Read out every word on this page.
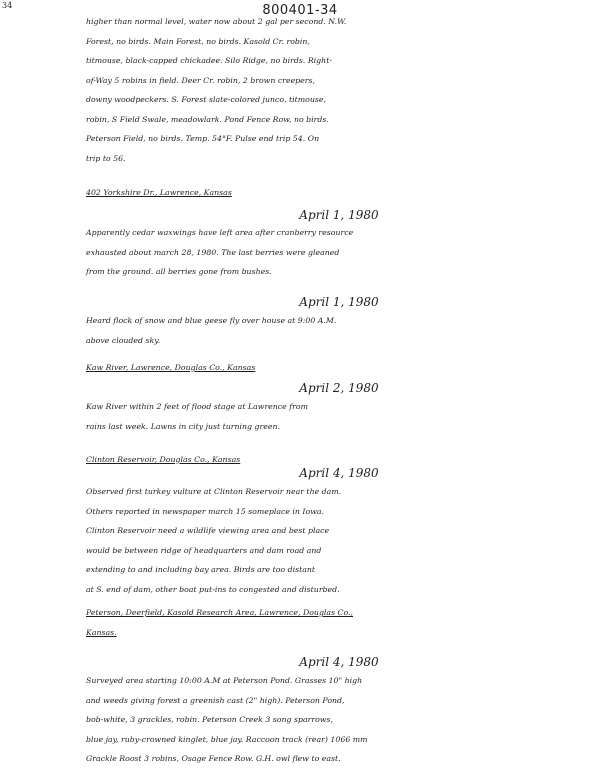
34	800401-34
higher than normal level, water now about 2 gal per second. N.W.
Forest, no birds. Main Forest, no birds. Kasold Cr. robin,
titmouse, black-capped chickadee. Silo Ridge, no birds. Right-
of-Way 5 robins in field. Deer Cr. robin, 2 brown creepers,
downy woodpeckers. S. Forest slate-colored junco, titmouse,
robin, S Field Swale, meadowlark. Pond Fence Row, no birds.
Peterson Field, no birds. Temp. 54°F. Pulse end trip 54. On
trip to 56.
402 Yorkshire Dr., Lawrence, Kansas
April 1, 1980
Apparently cedar waxwings have left area after cranberry resource
exhausted about march 28, 1980. The last berries were gleaned
from the ground. all berries gone from bushes.
April 1, 1980
Heard flock of snow and blue geese fly over house at 9:00 A.M.
above clouded sky.
Kaw River, Lawrence, Douglas Co., Kansas
April 2, 1980
Kaw River within 2 feet of flood stage at Lawrence from
rains last week. Lawns in city just turning green.
Clinton Reservoir, Douglas Co., Kansas
April 4, 1980
Observed first turkey vulture at Clinton Reservoir near the dam.
Others reported in newspaper march 15 someplace in Iowa.
Clinton Reservoir need a wildlife viewing area and best place
would be between ridge of headquarters and dam road and
extending to and including bay area. Birds are too distant
at S. end of dam, other boat put-ins to congested and disturbed.
Peterson, Deerfield, Kasold Research Area, Lawrence, Douglas Co.,
Kansas.
April 4, 1980
Surveyed area starting 10:00 A.M at Peterson Pond. Grasses 10" high
and weeds giving forest a greenish cast (2" high). Peterson Pond,
bob-white, 3 grackles, robin. Peterson Creek 3 song sparrows,
blue jay, ruby-crowned kinglet, blue jay. Raccoon track (rear) 1066 mm
Grackle Roost 3 robins, Osage Fence Row. G.H. owl flew to east.
